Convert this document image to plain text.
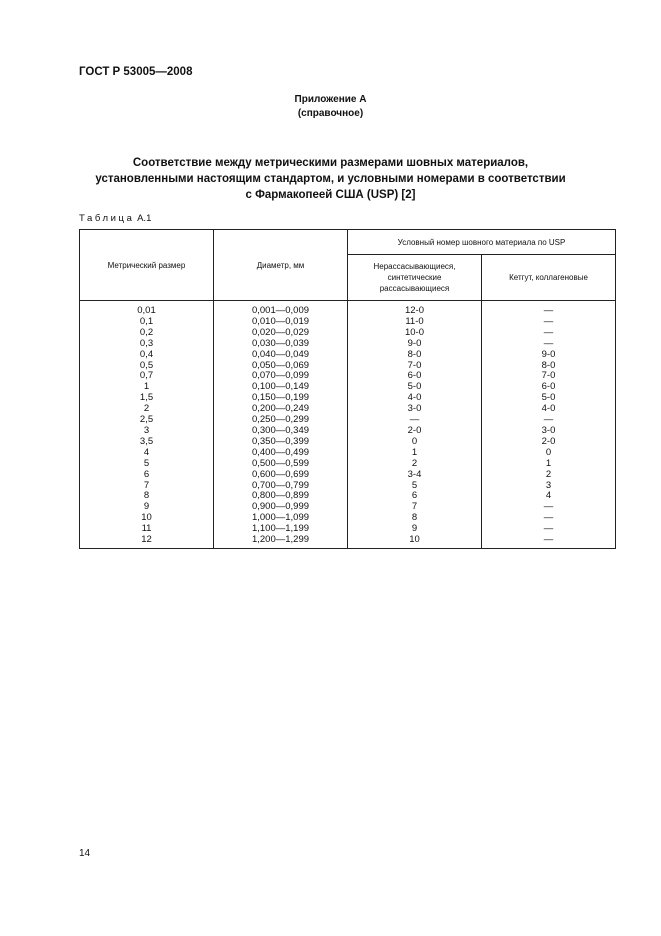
ГОСТ Р 53005—2008
Приложение А
(справочное)
Соответствие между метрическими размерами шовных материалов,
установленными настоящим стандартом, и условными номерами в соответствии
с Фармакопеей США (USP) [2]
Таблица А.1
Метрический размер	Диаметр, мм	Условный номер шовного материала по USP	
		Нерассасывающиеся, синтетические рассасывающиеся	Кетгут, коллагеновые
0,01	0,001—0,009	12-0	—
0,1	0,010—0,019	11-0	—
0,2	0,020—0,029	10-0	—
0,3	0,030—0,039	9-0	—
0,4	0,040—0,049	8-0	9-0
0,5	0,050—0,069	7-0	8-0
0,7	0,070—0,099	6-0	7-0
1	0,100—0,149	5-0	6-0
1,5	0,150—0,199	4-0	5-0
2	0,200—0,249	3-0	4-0
2,5	0,250—0,299	—	—
3	0,300—0,349	2-0	3-0
3,5	0,350—0,399	0	2-0
4	0,400—0,499	1	0
5	0,500—0,599	2	1
6	0,600—0,699	3-4	2
7	0,700—0,799	5	3
8	0,800—0,899	6	4
9	0,900—0,999	7	—
10	1,000—1,099	8	—
11	1,100—1,199	9	—
12	1,200—1,299	10	—
14
